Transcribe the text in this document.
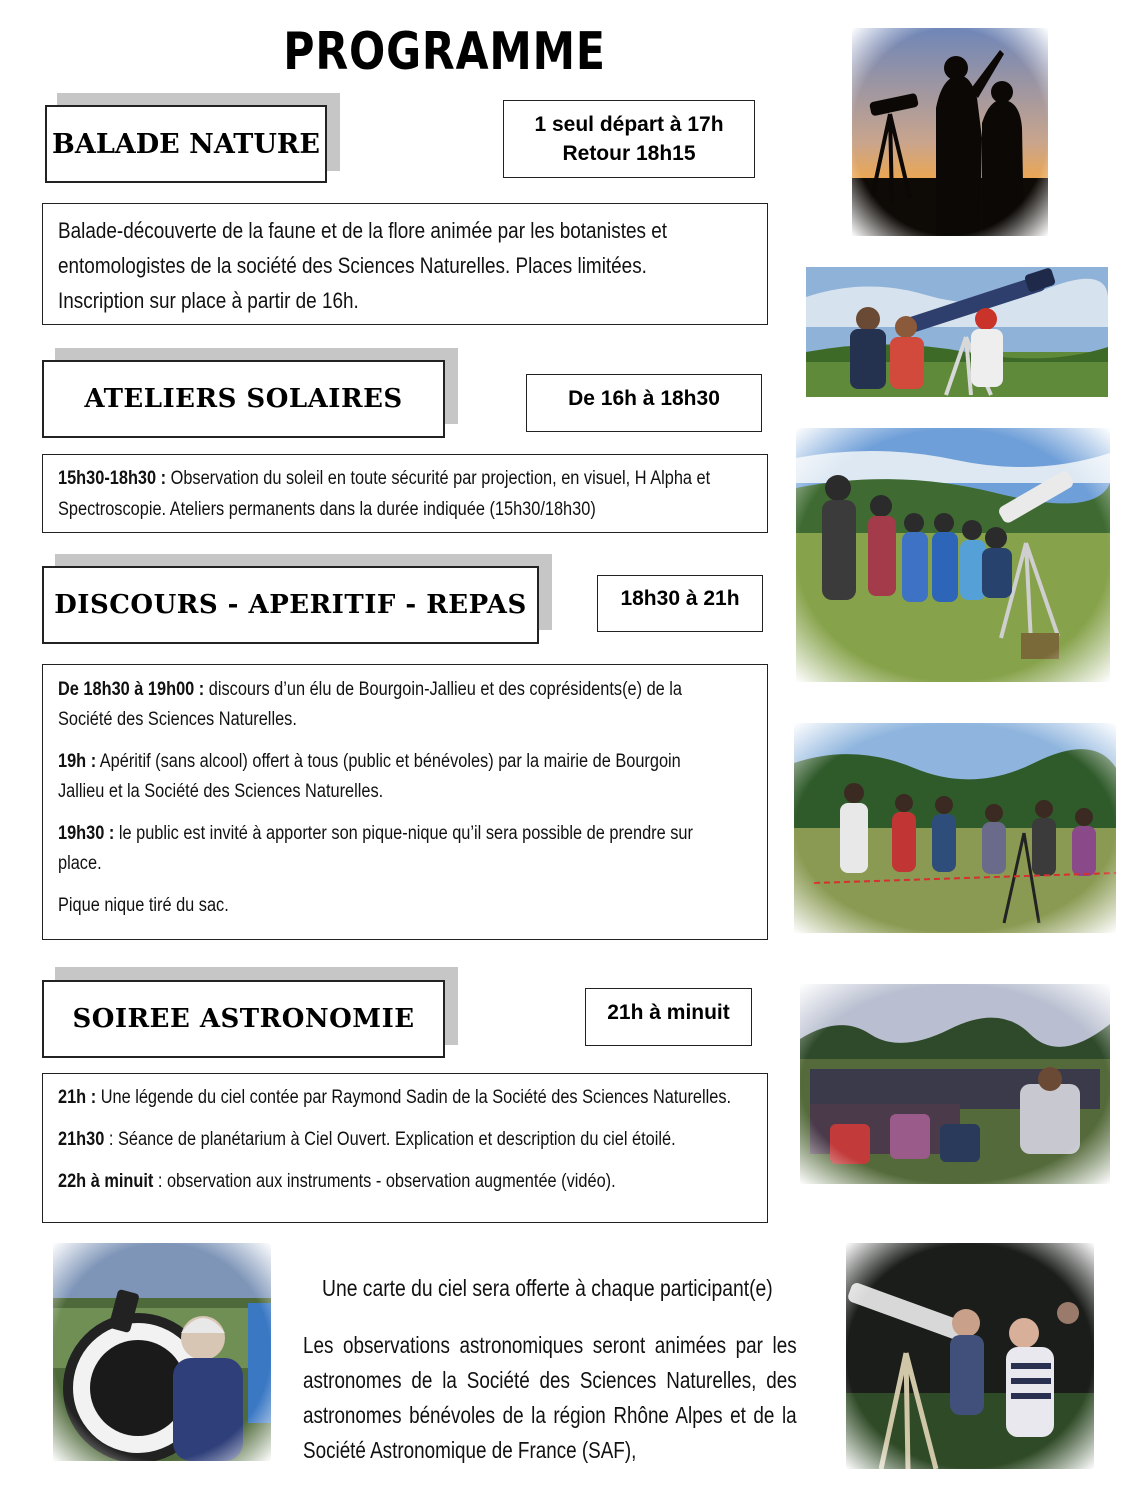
PROGRAMME
BALADE NATURE
1 seul départ à 17h
Retour 18h15
Balade-découverte de la faune et de la flore animée par les botanistes et
entomologistes de la société des Sciences Naturelles. Places limitées.
Inscription sur place à partir de 16h.
ATELIERS SOLAIRES	De 16h à 18h30
15h30-18h30 : Observation du soleil en toute sécurité par projection, en visuel, H Alpha et
Spectroscopie. Ateliers permanents dans la durée indiquée (15h30/18h30)
DISCOURS - APERITIF - REPAS	18h30 à 21h
De 18h30 à 19h00 : discours d’un élu de Bourgoin-Jallieu et des coprésidents(e) de la
Société des Sciences Naturelles.
19h : Apéritif (sans alcool) offert à tous (public et bénévoles) par la mairie de Bourgoin
Jallieu et la Société des Sciences Naturelles.
19h30 : le public est invité à apporter son pique-nique qu’il sera possible de prendre sur
place.
Pique nique tiré du sac.
SOIREE ASTRONOMIE	21h à minuit
21h : Une légende du ciel contée par Raymond Sadin de la Société des Sciences Naturelles.
21h30 : Séance de planétarium à Ciel Ouvert. Explication et description du ciel étoilé.
22h à minuit : observation aux instruments - observation augmentée (vidéo).
Une carte du ciel sera offerte à chaque participant(e)
Les observations astronomiques seront animées par les
astronomes de la Société des Sciences Naturelles, des
astronomes bénévoles de la région Rhône Alpes et de la
Société Astronomique de France (SAF),
